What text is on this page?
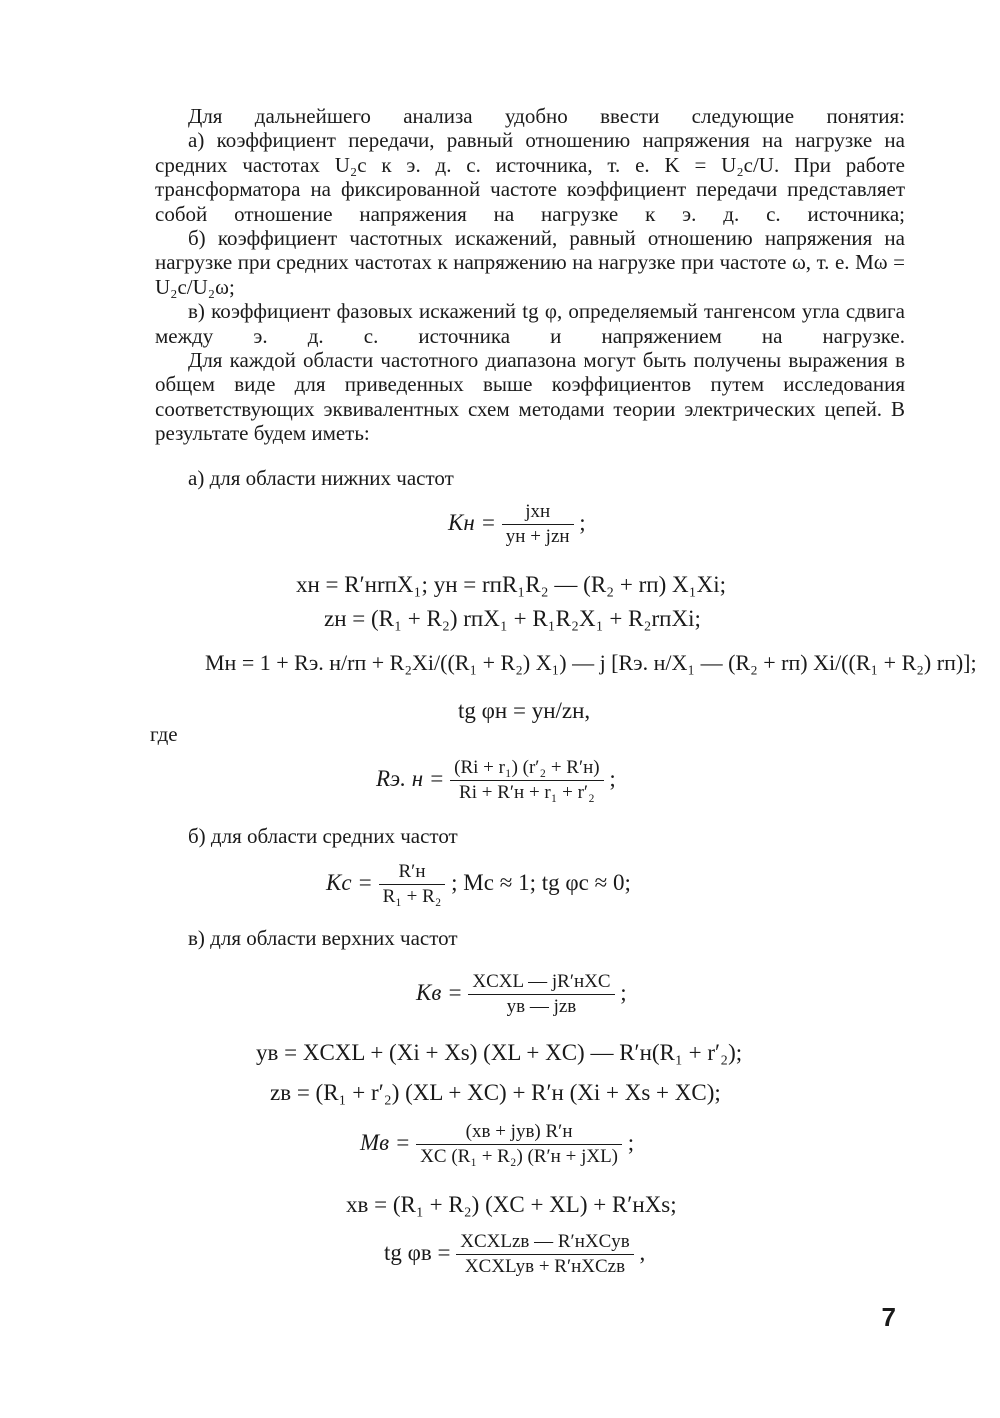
Для дальнейшего анализа удобно ввести следующие понятия:

а) коэффициент передачи, равный отношению напряжения на нагрузке на средних частотах U₂с к э. д. с. источника, т. е. K = U₂с/U. При работе трансформатора на фиксированной частоте коэффициент передачи представляет собой отношение напряжения на нагрузке к э. д. с. источника;

б) коэффициент частотных искажений, равный отношению напряжения на нагрузке при средних частотах к напряжению на нагрузке при частоте ω, т. е. Mω = U₂с/U₂ω;

в) коэффициент фазовых искажений tg φ, определяемый тангенсом угла сдвига между э. д. с. источника и напряжением на нагрузке.

Для каждой области частотного диапазона могут быть получены выражения в общем виде для приведенных выше коэффициентов путем исследования соответствующих эквивалентных схем методами теории электрических цепей. В результате будем иметь:

а) для области нижних частот
Kн = $\frac{\text{jxн}}{\text{yн + jzн}}$ ;
xн = R′нrпX₁; yн = rпR₁R₂ — (R₂ + rп) X₁Xi;
zн = (R₁ + R₂) rпX₁ + R₁R₂X₁ + R₂rпXi;
Mн = 1 + Rэ. н/rп + R₂Xi/((R₁ + R₂) X₁) — j [Rэ. н/X₁ — (R₂ + rп) Xi/((R₁ + R₂) rп)];
tg φн = yн/zн,
где
Rэ. $н = \frac{\text{(Ri + r₁) (r′₂ + R′н)}}{\text{Ri + R′н + r₁ + r′₂}}$ ;
б) для области средних частот
Kс = $\frac{R'н}{\text{R₁ + R₂}}$ ; Mс ≈ 1; tg φс ≈ 0;
в) для области верхних частот
Kв = $\frac{\text{XCXL — jR′нXC}}{\text{yв — jzв}}$ ;
yв = XCXL + (Xi + Xs) (XL + XC) — R′н(R₁ + r′₂);
zв = (R₁ + r′₂) (XL + XC) + R′н (Xi + Xs + XC);
Mв = $\frac{\text{(xв + jyв) R′н}}{\text{XC (R₁ + R₂) (R′н + jXL)}}$ ;
xв = (R₁ + R₂) (XC + XL) + R′нXs;
tg $\varphi в = \frac{\text{XCXLzв — R′нXCyв}}{\text{XCXLyв + R′нXCzв}}$ ,
7
